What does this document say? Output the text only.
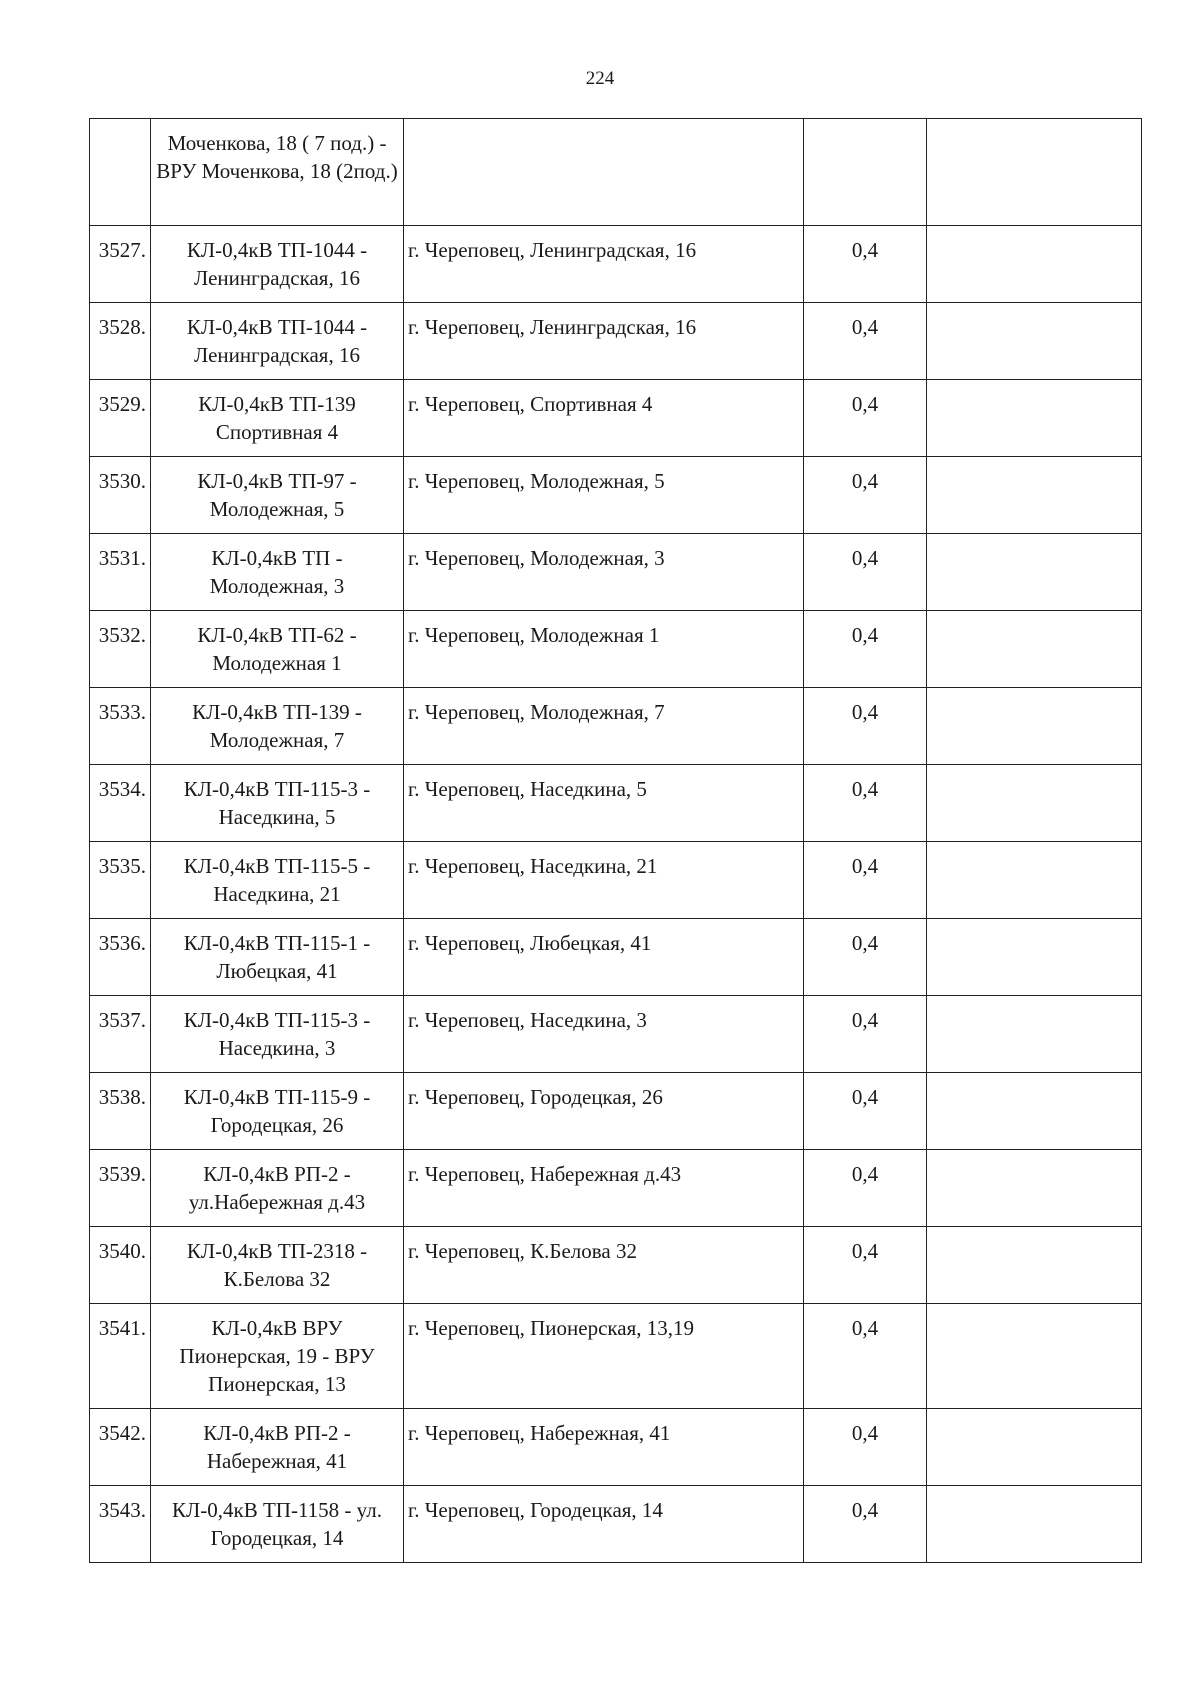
224
	Моченкова, 18 ( 7 под.) - ВРУ Моченкова, 18 (2под.)			
3527.	КЛ-0,4кВ ТП-1044 - Ленинградская, 16	г. Череповец, Ленинградская, 16	0,4	
3528.	КЛ-0,4кВ ТП-1044 - Ленинградская, 16	г. Череповец, Ленинградская, 16	0,4	
3529.	КЛ-0,4кВ ТП-139 Спортивная 4	г. Череповец, Спортивная 4	0,4	
3530.	КЛ-0,4кВ ТП-97 - Молодежная, 5	г. Череповец, Молодежная, 5	0,4	
3531.	КЛ-0,4кВ ТП - Молодежная, 3	г. Череповец, Молодежная, 3	0,4	
3532.	КЛ-0,4кВ ТП-62 - Молодежная 1	г. Череповец, Молодежная 1	0,4	
3533.	КЛ-0,4кВ ТП-139 - Молодежная, 7	г. Череповец, Молодежная, 7	0,4	
3534.	КЛ-0,4кВ ТП-115-3 - Наседкина, 5	г. Череповец, Наседкина, 5	0,4	
3535.	КЛ-0,4кВ ТП-115-5 - Наседкина, 21	г. Череповец, Наседкина, 21	0,4	
3536.	КЛ-0,4кВ ТП-115-1 - Любецкая, 41	г. Череповец, Любецкая, 41	0,4	
3537.	КЛ-0,4кВ ТП-115-3 - Наседкина, 3	г. Череповец, Наседкина, 3	0,4	
3538.	КЛ-0,4кВ ТП-115-9 - Городецкая, 26	г. Череповец, Городецкая, 26	0,4	
3539.	КЛ-0,4кВ РП-2 - ул.Набережная д.43	г. Череповец, Набережная д.43	0,4	
3540.	КЛ-0,4кВ ТП-2318 - К.Белова 32	г. Череповец, К.Белова 32	0,4	
3541.	КЛ-0,4кВ ВРУ Пионерская, 19 - ВРУ Пионерская, 13	г. Череповец, Пионерская, 13,19	0,4	
3542.	КЛ-0,4кВ РП-2 - Набережная, 41	г. Череповец, Набережная, 41	0,4	
3543.	КЛ-0,4кВ ТП-1158 - ул. Городецкая, 14	г. Череповец, Городецкая, 14	0,4	
